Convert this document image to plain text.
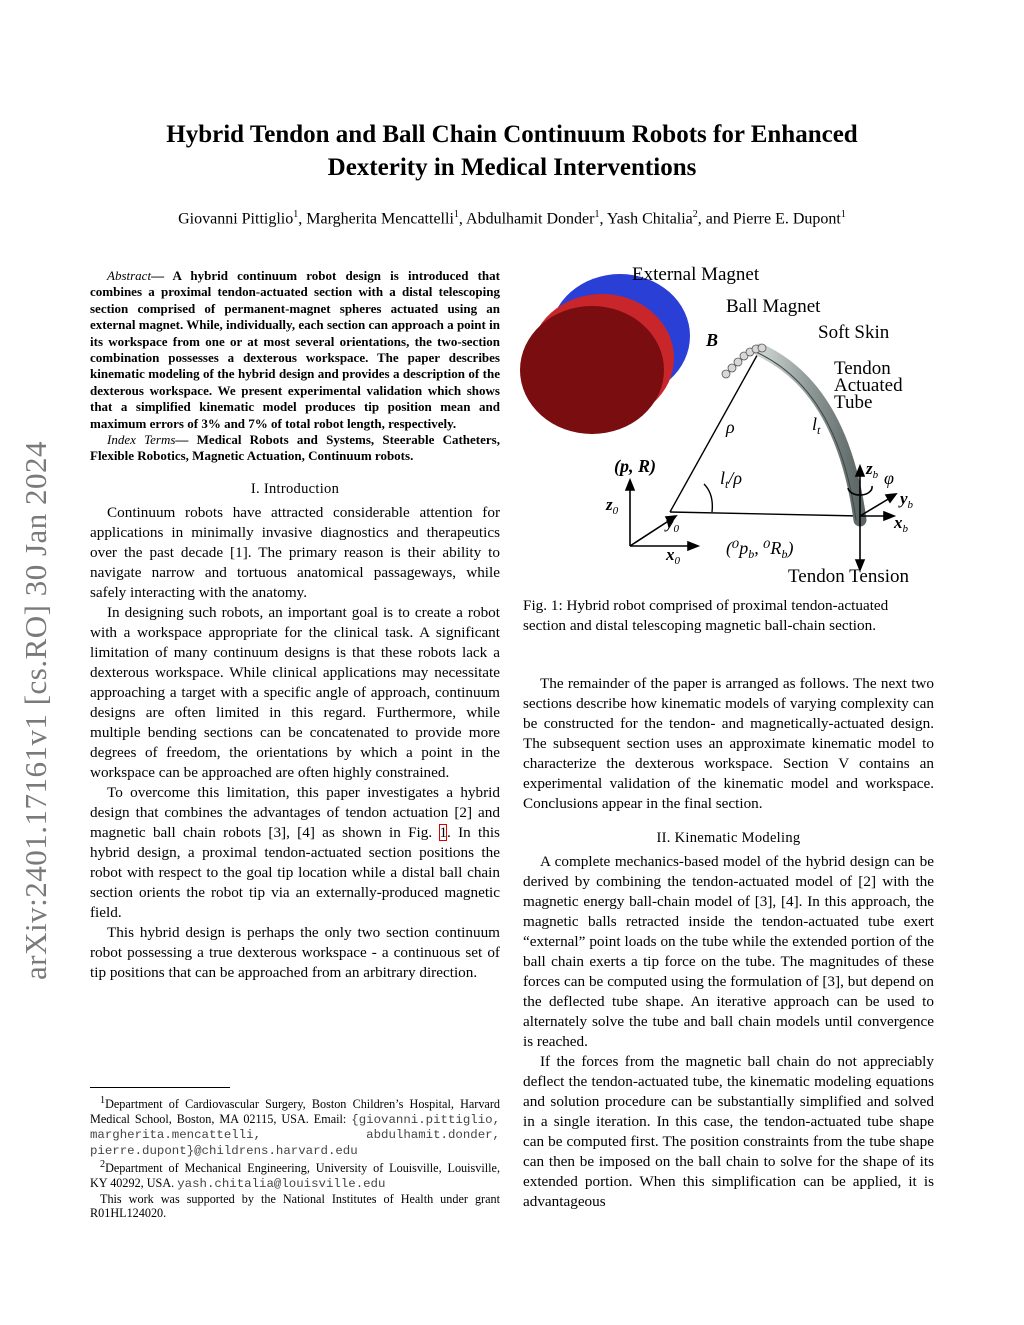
arXiv:2401.17161v1 [cs.RO] 30 Jan 2024
Hybrid Tendon and Ball Chain Continuum Robots for Enhanced
Dexterity in Medical Interventions
Giovanni Pittiglio$^1$, Margherita Mencattelli$^1$, Abdulhamit Donder$^1$, Yash Chitalia$^2$, and Pierre E. Dupont$^1$
Abstract— A hybrid continuum robot design is introduced that combines a proximal tendon-actuated section with a distal telescoping section comprised of permanent-magnet spheres actuated using an external magnet. While, individually, each section can approach a point in its workspace from one or at most several orientations, the two-section combination possesses a dexterous workspace. The paper describes kinematic modeling of the hybrid design and provides a description of the dexterous workspace. We present experimental validation which shows that a simplified kinematic model produces tip position mean and maximum errors of 3% and 7% of total robot length, respectively.
Index Terms— Medical Robots and Systems, Steerable Catheters, Flexible Robotics, Magnetic Actuation, Continuum robots.
I. Introduction

Continuum robots have attracted considerable attention for applications in minimally invasive diagnostics and therapeutics over the past decade [1]. The primary reason is their ability to navigate narrow and tortuous anatomical passageways, while safely interacting with the anatomy.

In designing such robots, an important goal is to create a robot with a workspace appropriate for the clinical task. A significant limitation of many continuum designs is that these robots lack a dexterous workspace. While clinical applications may necessitate approaching a target with a specific angle of approach, continuum designs are often limited in this regard. Furthermore, while multiple bending sections can be concatenated to provide more degrees of freedom, the orientations by which a point in the workspace can be approached are often highly constrained.

To overcome this limitation, this paper investigates a hybrid design that combines the advantages of tendon actuation [2] and magnetic ball chain robots [3], [4] as shown in Fig. 1. In this hybrid design, a proximal tendon-actuated section positions the robot with respect to the goal tip location while a distal ball chain section orients the robot tip via an externally-produced magnetic field.

This hybrid design is perhaps the only two section continuum robot possessing a true dexterous workspace - a continuous set of tip positions that can be approached from an arbitrary direction.

$^1$Department of Cardiovascular Surgery, Boston Children’s Hospital, Harvard Medical School, Boston, MA 02115, USA. Email: {giovanni.pittiglio, margherita.mencattelli, abdulhamit.donder, pierre.dupont}@childrens.harvard.edu
$^2$Department of Mechanical Engineering, University of Louisville, Louisville, KY 40292, USA. yash.chitalia@louisville.edu
This work was supported by the National Institutes of Health under grant R01HL124020.
External Magnet
Ball Magnet
Soft Skin
Tendon
Actuated
Tube
B
ρ	$l_t$
$l_t/\rho$
(p, R)
$z_0$
$y_0$
$x_0$
($^0p_b$, $^0R_b$)
$z_b$ φ
$y_b$
$x_b$
Tendon Tension
Fig. 1: Hybrid robot comprised of proximal tendon-actuated section and distal telescoping magnetic ball-chain section.

The remainder of the paper is arranged as follows. The next two sections describe how kinematic models of varying complexity can be constructed for the tendon- and magnetically-actuated design. The subsequent section uses an approximate kinematic model to characterize the dexterous workspace. Section V contains an experimental validation of the kinematic model and workspace. Conclusions appear in the final section.

II. Kinematic Modeling

A complete mechanics-based model of the hybrid design can be derived by combining the tendon-actuated model of [2] with the magnetic energy ball-chain model of [3], [4]. In this approach, the magnetic balls retracted inside the tendon-actuated tube exert “external” point loads on the tube while the extended portion of the ball chain exerts a tip force on the tube. The magnitudes of these forces can be computed using the formulation of [3], but depend on the deflected tube shape. An iterative approach can be used to alternately solve the tube and ball chain models until convergence is reached.

If the forces from the magnetic ball chain do not appreciably deflect the tendon-actuated tube, the kinematic modeling equations and solution procedure can be substantially simplified and solved in a single iteration. In this case, the tendon-actuated tube shape can be computed first. The position constraints from the tube shape can then be imposed on the ball chain to solve for the shape of its extended portion. When this simplification can be applied, it is advantageous
